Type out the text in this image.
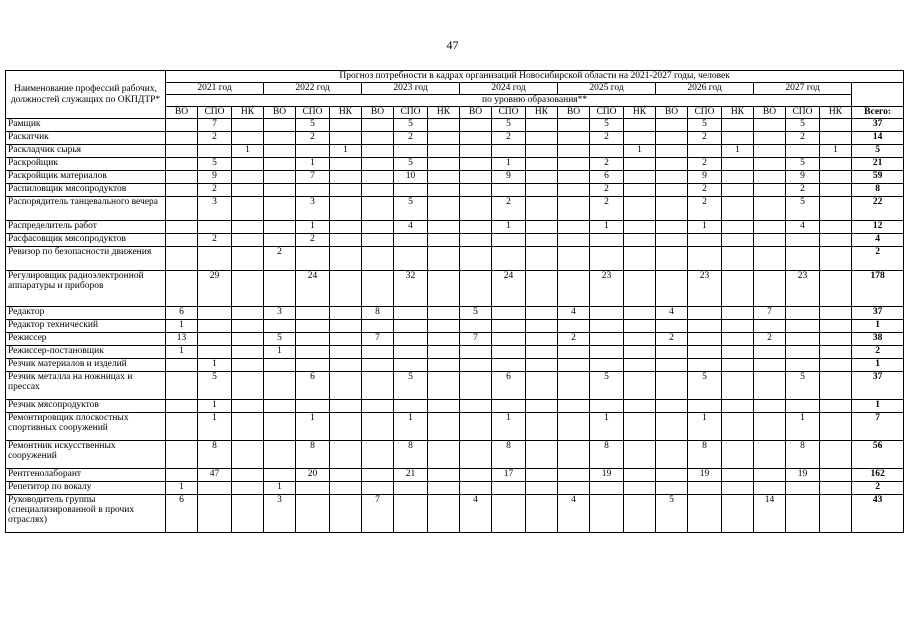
47
Наименование профессий рабочих, должностей служащих по ОКПДТР*	Прогноз потребности в кадрах организаций Новосибирской области на 2021-2027 годы, человек																					
	2021 год			2022 год			2023 год			2024 год			2025 год			2026 год			2027 год			
	по уровню образования**																					
	ВО	СПО	НК	ВО	СПО	НК	ВО	СПО	НК	ВО	СПО	НК	ВО	СПО	НК	ВО	СПО	НК	ВО	СПО	НК	Всего:
Рамщик		7			5			5			5			5			5			5		37
Раскатчик		2			2			2			2			2			2			2		14
Раскладчик сырья			1			1									1			1			1	5
Раскройщик		5			1			5			1			2			2			5		21
Раскройщик материалов		9			7			10			9			6			9			9		59
Распиловщик мясопродуктов		2												2			2			2		8
Распорядитель танцевального вечера		3			3			5			2			2			2			5		22
Распределитель работ					1			4			1			1			1			4		12
Расфасовщик мясопродуктов		2			2																	4
Ревизор по безопасности движения				2																		2
Регулировщик радиоэлектронной аппаратуры и приборов		29			24			32			24			23			23			23		178
Редактор	6			3			8			5			4			4			7			37
Редактор технический	1																					1
Режиссер	13			5			7			7			2			2			2			38
Режиссер-постановщик	1			1																		2
Резчик материалов и изделий		1																				1
Резчик металла на ножницах и прессах		5			6			5			6			5			5			5		37
Резчик мясопродуктов		1																				1
Ремонтировщик плоскостных спортивных сооружений		1			1			1			1			1			1			1		7
Ремонтник искусственных сооружений		8			8			8			8			8			8			8		56
Рентгенолаборант		47			20			21			17			19			19			19		162
Репетитор по вокалу	1			1																		2
Руководитель группы (специализированной в прочих отраслях)	6			3			7			4			4			5			14			43
